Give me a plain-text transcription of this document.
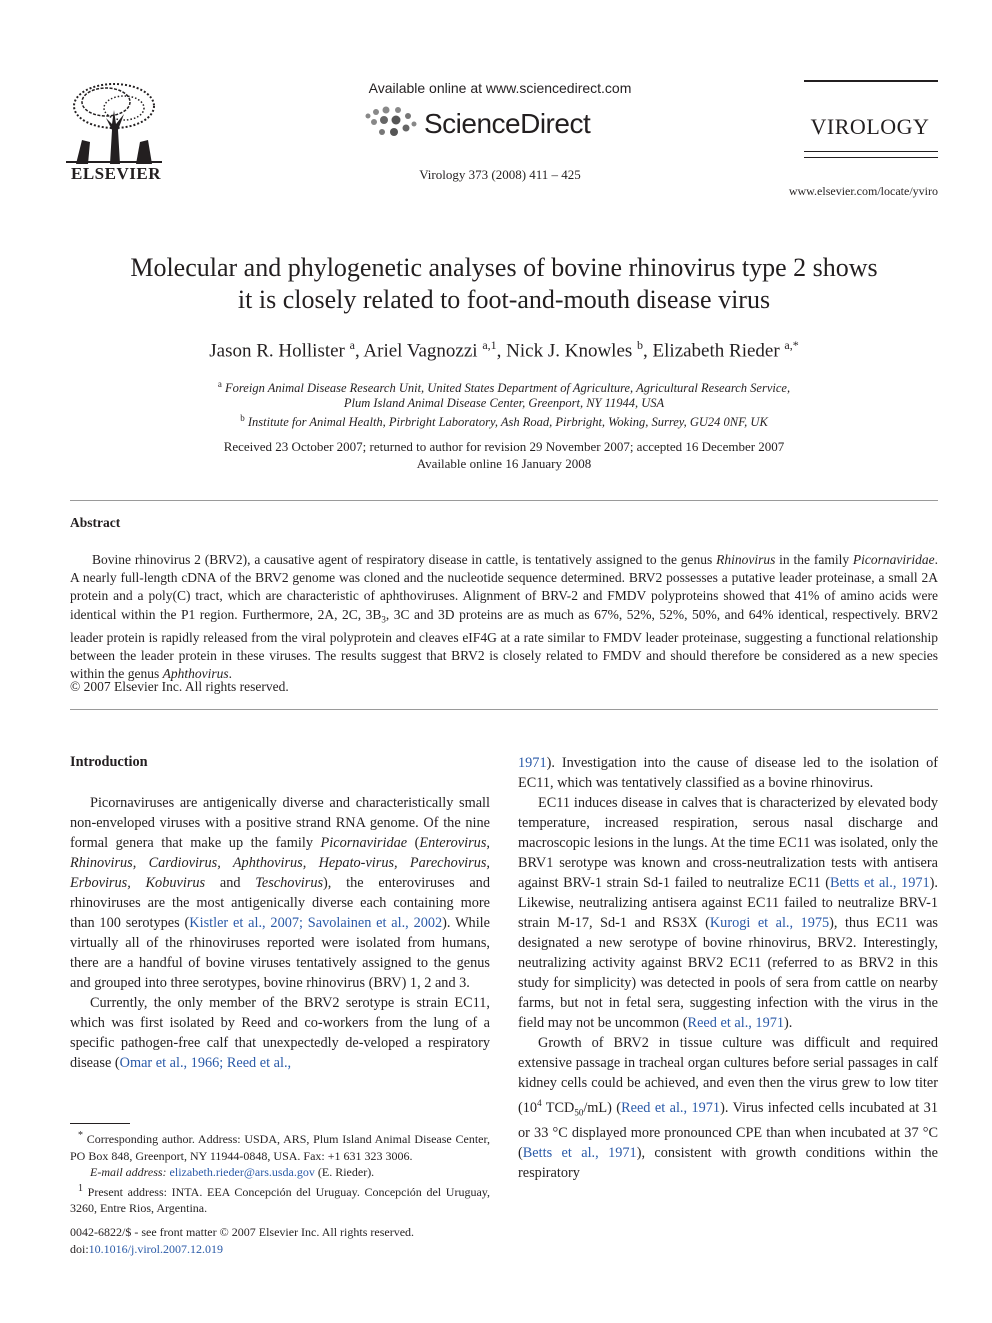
ELSEVIER
Available online at www.sciencedirect.com
ScienceDirect
Virology 373 (2008) 411 – 425
VIROLOGY
www.elsevier.com/locate/yviro
Molecular and phylogenetic analyses of bovine rhinovirus type 2 shows
it is closely related to foot-and-mouth disease virus
Jason R. Hollister $^a$, Ariel Vagnozzi $^{a,1}$, Nick J. Knowles $^b$, Elizabeth Rieder $^{a,*}$
$^a$ Foreign Animal Disease Research Unit, United States Department of Agriculture, Agricultural Research Service,
Plum Island Animal Disease Center, Greenport, NY 11944, USA
$^b$ Institute for Animal Health, Pirbright Laboratory, Ash Road, Pirbright, Woking, Surrey, GU24 0NF, UK
Received 23 October 2007; returned to author for revision 29 November 2007; accepted 16 December 2007
Available online 16 January 2008
Abstract
Bovine rhinovirus 2 (BRV2), a causative agent of respiratory disease in cattle, is tentatively assigned to the genus Rhinovirus in the family Picornaviridae. A nearly full-length cDNA of the BRV2 genome was cloned and the nucleotide sequence determined. BRV2 possesses a putative leader proteinase, a small 2A protein and a poly(C) tract, which are characteristic of aphthoviruses. Alignment of BRV-2 and FMDV polyproteins showed that 41% of amino acids were identical within the P1 region. Furthermore, 2A, 2C, $3B_3$, 3C and 3D proteins are as much as 67%, 52%, 52%, 50%, and 64% identical, respectively. BRV2 leader protein is rapidly released from the viral polyprotein and cleaves eIF4G at a rate similar to FMDV leader proteinase, suggesting a functional relationship between the leader protein in these viruses. The results suggest that BRV2 is closely related to FMDV and should therefore be considered as a new species within the genus Aphthovirus.
© 2007 Elsevier Inc. All rights reserved.
Introduction

Picornaviruses are antigenically diverse and characteristically small non-enveloped viruses with a positive strand RNA genome. Of the nine formal genera that make up the family Picornaviridae (Enterovirus, Rhinovirus, Cardiovirus, Aphthovirus, Hepato-virus, Parechovirus, Erbovirus, Kobuvirus and Teschovirus), the enteroviruses and rhinoviruses are the most antigenically diverse each containing more than 100 serotypes (Kistler et al., 2007; Savolainen et al., 2002). While virtually all of the rhinoviruses reported were isolated from humans, there are a handful of bovine viruses tentatively assigned to the genus and grouped into three serotypes, bovine rhinovirus (BRV) 1, 2 and 3.

Currently, the only member of the BRV2 serotype is strain EC11, which was first isolated by Reed and co-workers from the lung of a specific pathogen-free calf that unexpectedly de-veloped a respiratory disease (Omar et al., 1966; Reed et al.,

1971). Investigation into the cause of disease led to the isolation of EC11, which was tentatively classified as a bovine rhinovirus.

EC11 induces disease in calves that is characterized by elevated body temperature, increased respiration, serous nasal discharge and macroscopic lesions in the lungs. At the time EC11 was isolated, only the BRV1 serotype was known and cross-neutralization tests with antisera against BRV-1 strain Sd-1 failed to neutralize EC11 (Betts et al., 1971). Likewise, neutralizing antisera against EC11 failed to neutralize BRV-1 strain M-17, Sd-1 and RS3X (Kurogi et al., 1975), thus EC11 was designated a new serotype of bovine rhinovirus, BRV2. Interestingly, neutralizing activity against BRV2 EC11 (referred to as BRV2 in this study for simplicity) was detected in pools of sera from cattle on nearby farms, but not in fetal sera, suggesting infection with the virus in the field may not be uncommon (Reed et al., 1971).

Growth of BRV2 in tissue culture was difficult and required extensive passage in tracheal organ cultures before serial passages in calf kidney cells could be achieved, and even then the virus grew to low titer ($10^4$ $TCD_{50}/mL$) (Reed et al., 1971). Virus infected cells incubated at 31 or 33 °C displayed more pronounced CPE than when incubated at 37 °C (Betts et al., 1971), consistent with growth conditions within the respiratory

* Corresponding author. Address: USDA, ARS, Plum Island Animal Disease Center, PO Box 848, Greenport, NY 11944-0848, USA. Fax: +1 631 323 3006.

E-mail address: elizabeth.rieder@ars.usda.gov (E. Rieder).

$^1$ Present address: INTA. EEA Concepción del Uruguay. Concepción del Uruguay, 3260, Entre Rios, Argentina.

0042-6822/$ - see front matter © 2007 Elsevier Inc. All rights reserved.
doi:10.1016/j.virol.2007.12.019
